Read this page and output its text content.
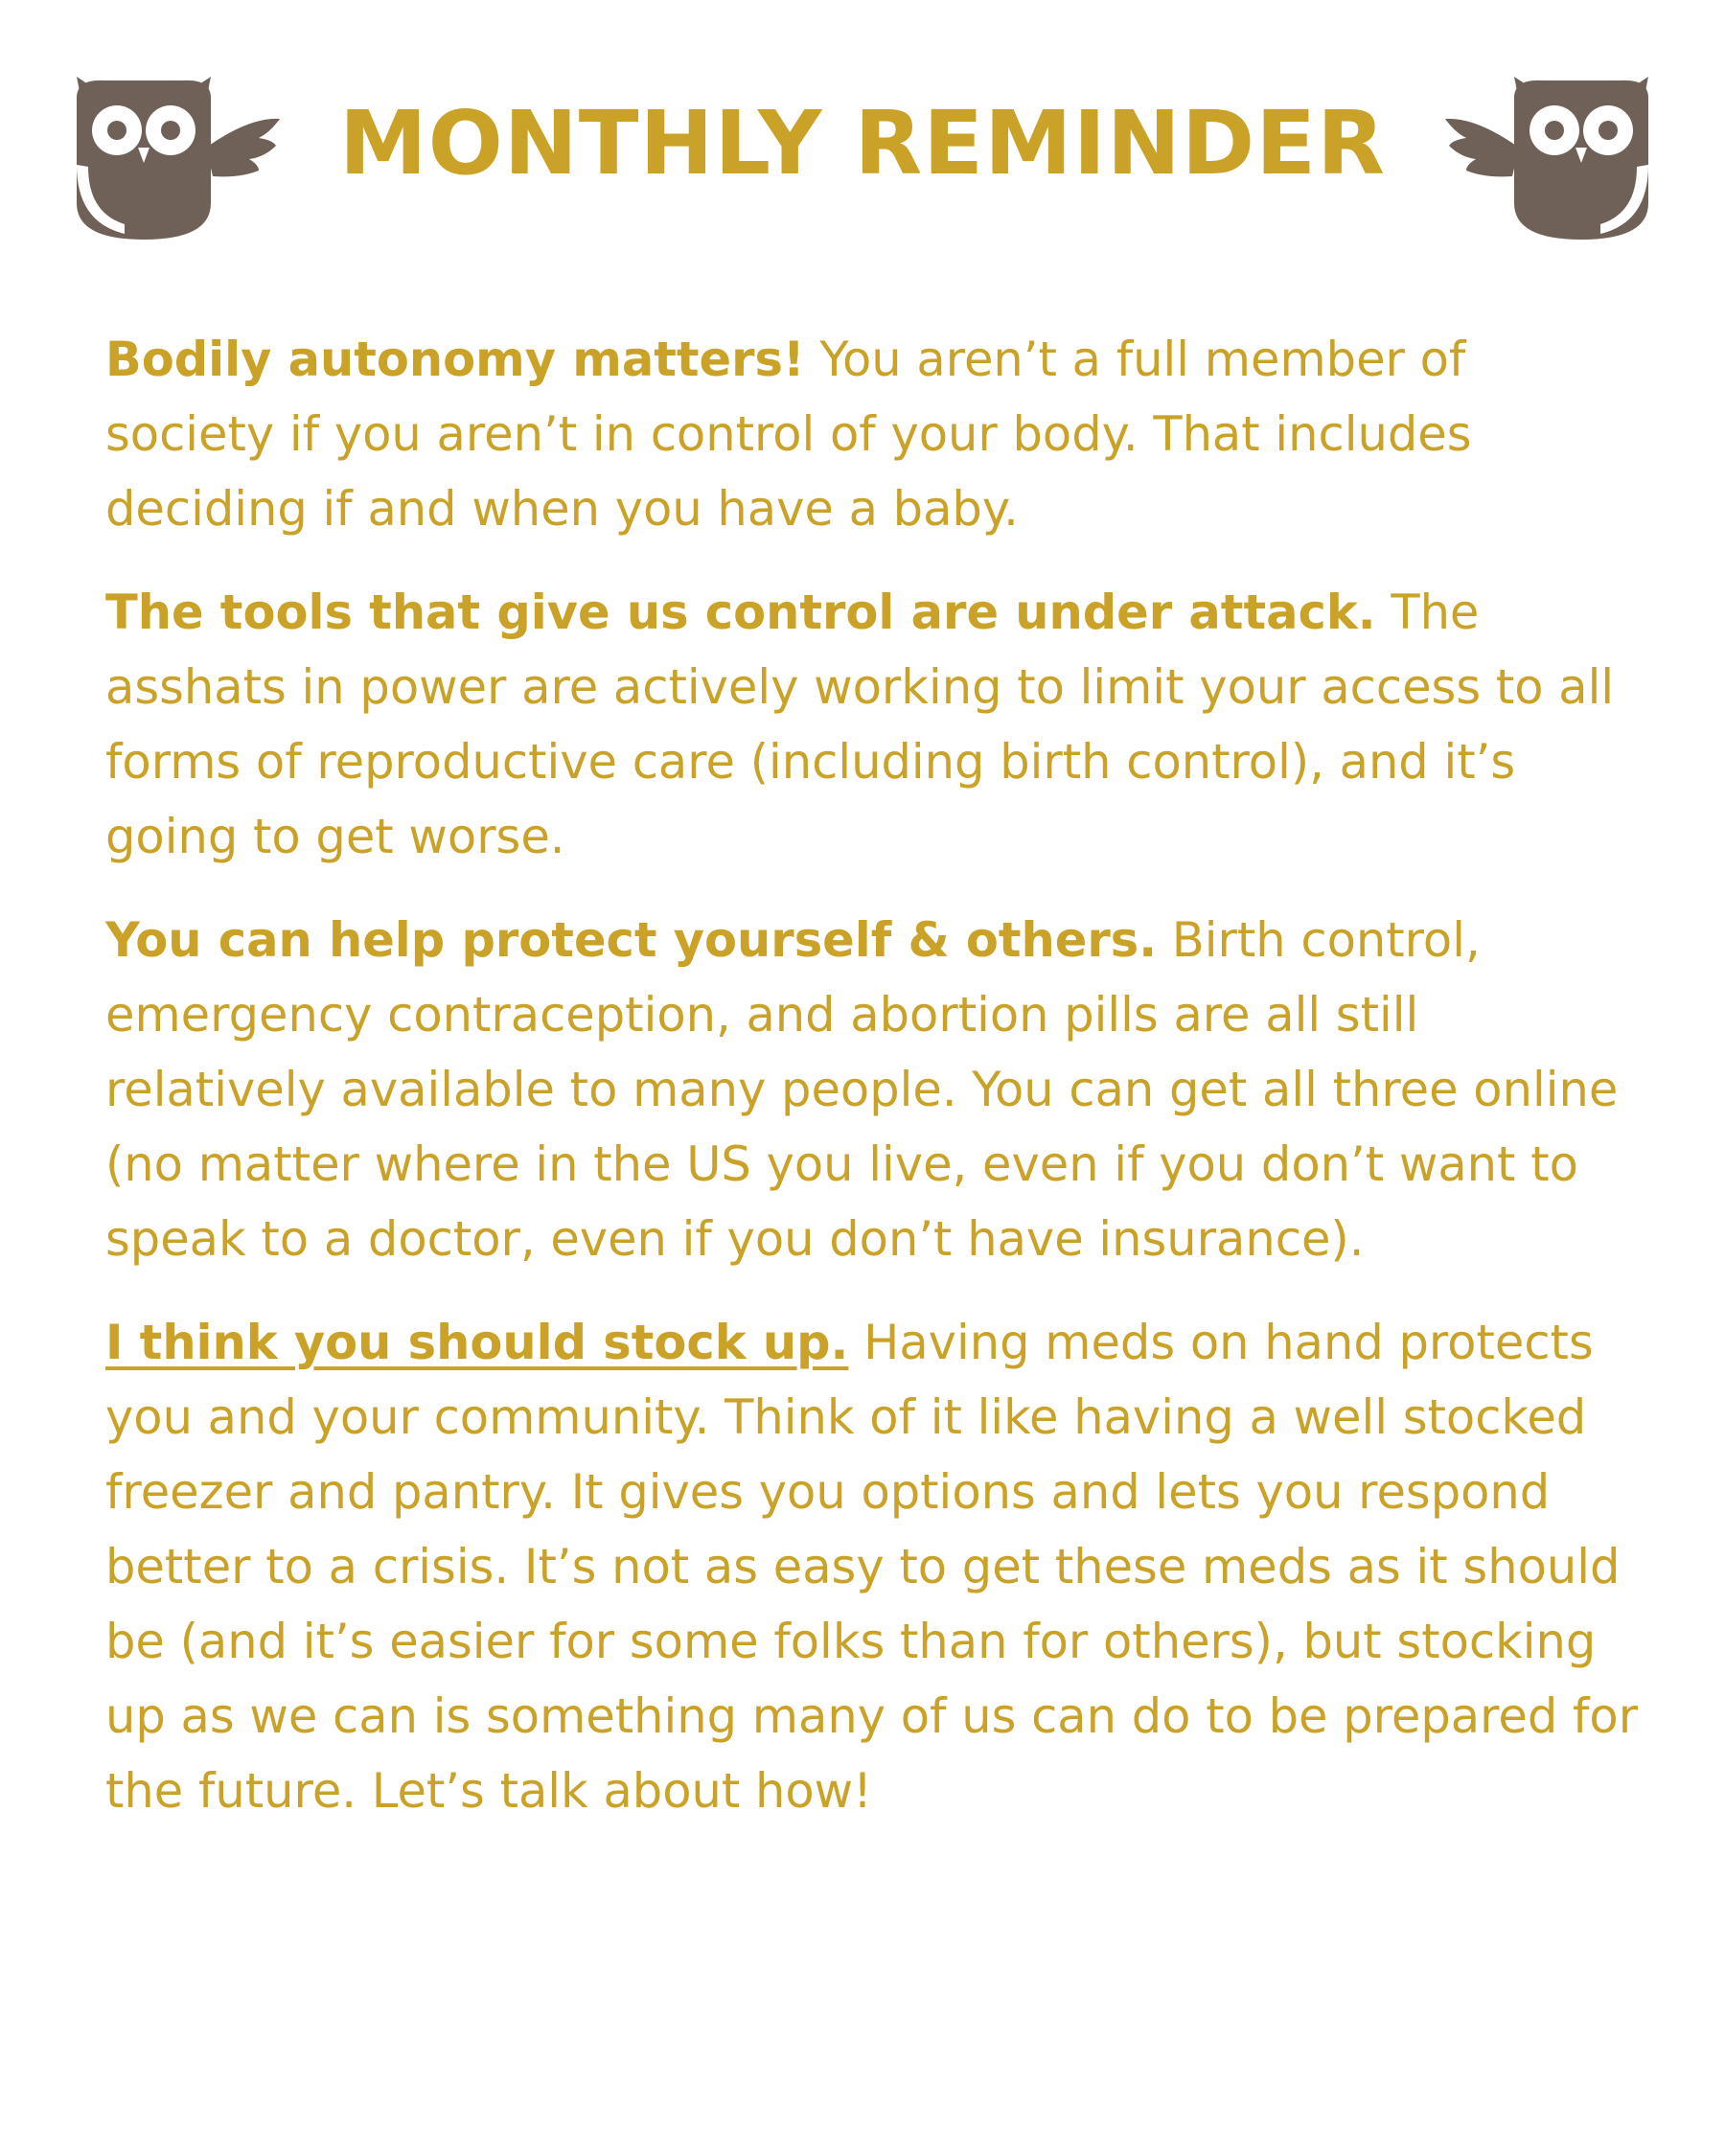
MONTHLY REMINDER

Bodily autonomy matters! You aren’t a full member of society if you aren’t in control of your body. That includes deciding if and when you have a baby.

The tools that give us control are under attack. The asshats in power are actively working to limit your access to all forms of reproductive care (including birth control), and it’s going to get worse.

You can help protect yourself & others. Birth control, emergency contraception, and abortion pills are all still relatively available to many people. You can get all three online (no matter where in the US you live, even if you don’t want to speak to a doctor, even if you don’t have insurance).

I think you should stock up. Having meds on hand protects you and your community. Think of it like having a well stocked freezer and pantry. It gives you options and lets you respond better to a crisis. It’s not as easy to get these meds as it should be (and it’s easier for some folks than for others), but stocking up as we can is something many of us can do to be prepared for the future. Let’s talk about how!
